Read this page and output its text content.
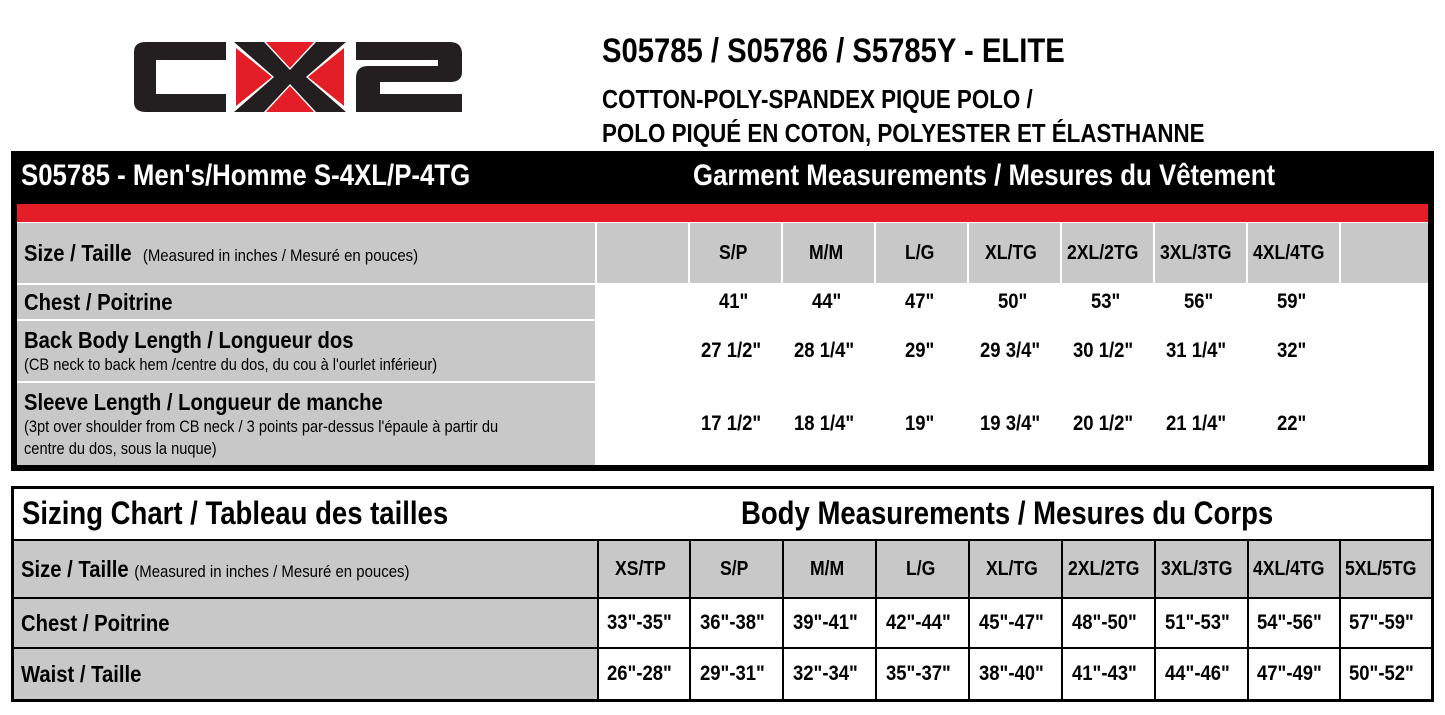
S05785 / S05786 / S5785Y - ELITE
COTTON-POLY-SPANDEX PIQUE POLO /
POLO PIQUÉ EN COTON, POLYESTER ET ÉLASTHANNE
S05785 - Men's/Homme S-4XL/P-4TG	Garment Measurements / Mesures du Vêtement
Size / Taille (Measured in inches / Mesuré en pouces)	S/P	M/M	L/G	XL/TG 2XL/2TG 3XL/3TG 4XL/4TG
Chest / Poitrine	41"	44"	47"	50"	53"	56"	59"
Back Body Length / Longueur dos
(CB neck to back hem /centre du dos, du cou à l'ourlet inférieur)
27 1/2" 28 1/4" 29" 29 3/4" 30 1/2" 31 1/4" 32"
Sleeve Length / Longueur de manche
(3pt over shoulder from CB neck / 3 points par-dessus l'épaule à partir du
centre du dos, sous la nuque)
17 1/2" 18 1/4" 19" 19 3/4" 20 1/2" 21 1/4" 22"
Sizing Chart / Tableau des tailles	Body Measurements / Mesures du Corps
Size / Taille (Measured in inches / Mesuré en pouces)	XS/TP	S/P	M/M	L/G	XL/TG 2XL/2TG 3XL/3TG 4XL/4TG 5XL/5TG
Chest / Poitrine	33"-35" 36"-38" 39"-41" 42"-44" 45"-47" 48"-50" 51"-53" 54"-56" 57"-59"
Waist / Taille	26"-28" 29"-31" 32"-34" 35"-37" 38"-40" 41"-43" 44"-46" 47"-49" 50"-52"
